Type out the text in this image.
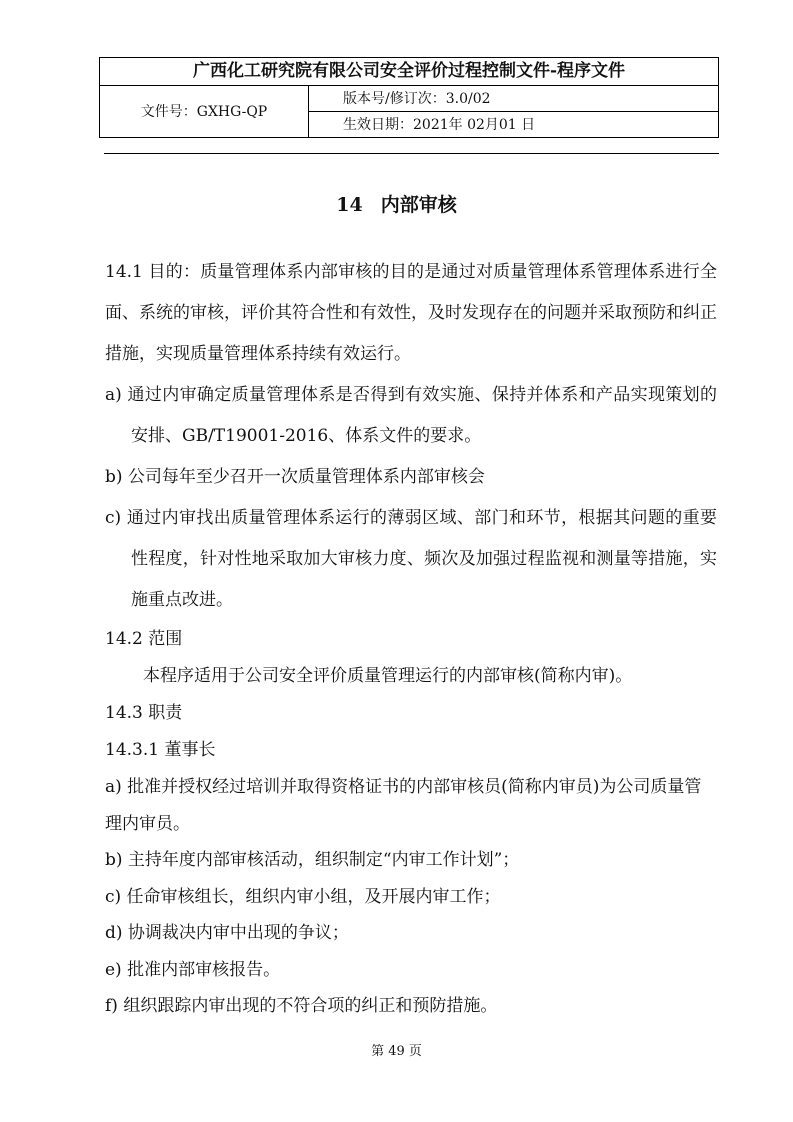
广西化工研究院有限公司安全评价过程控制文件-程序文件
文件号：GXHG-QP
版本号/修订次：3.0/02
生效日期：2021年 02月01 日
14 内部审核

14.1 目的：质量管理体系内部审核的目的是通过对质量管理体系管理体系进行全面、系统的审核，评价其符合性和有效性，及时发现存在的问题并采取预防和纠正措施，实现质量管理体系持续有效运行。

a) 通过内审确定质量管理体系是否得到有效实施、保持并体系和产品实现策划的安排、GB/T19001-2016、体系文件的要求。

b) 公司每年至少召开一次质量管理体系内部审核会

c) 通过内审找出质量管理体系运行的薄弱区域、部门和环节，根据其问题的重要性程度，针对性地采取加大审核力度、频次及加强过程监视和测量等措施，实施重点改进。

14.2 范围

本程序适用于公司安全评价质量管理运行的内部审核(简称内审)。

14.3 职责

14.3.1 董事长

a) 批准并授权经过培训并取得资格证书的内部审核员(简称内审员)为公司质量管理内审员。

b) 主持年度内部审核活动，组织制定“内审工作计划”；

c) 任命审核组长，组织内审小组，及开展内审工作；

d) 协调裁决内审中出现的争议；

e) 批准内部审核报告。

f) 组织跟踪内审出现的不符合项的纠正和预防措施。

第 49 页
